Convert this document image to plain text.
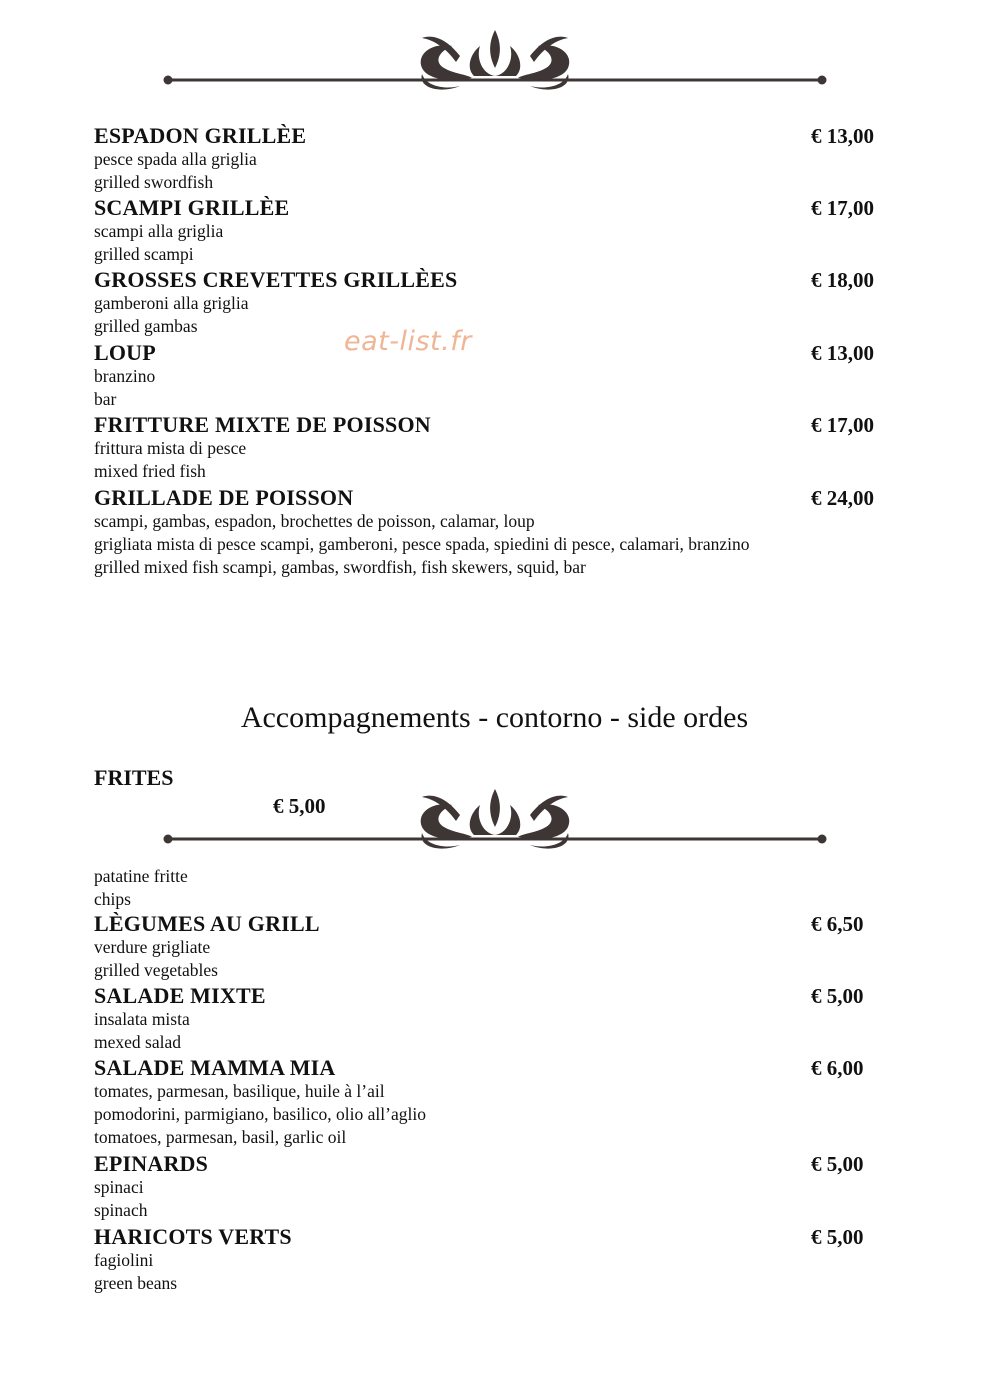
ESPADON GRILLÈE	€ 13,00
pesce spada alla griglia
grilled swordfish
SCAMPI GRILLÈE	€ 17,00
scampi alla griglia
grilled scampi
GROSSES CREVETTES GRILLÈES	€ 18,00
gamberoni alla griglia
grilled gambas
LOUP	€ 13,00
branzino
bar
FRITTURE MIXTE DE POISSON	€ 17,00
frittura mista di pesce
mixed fried fish
GRILLADE DE POISSON	€ 24,00
scampi, gambas, espadon, brochettes de poisson, calamar, loup
grigliata mista di pesce scampi, gamberoni, pesce spada, spiedini di pesce, calamari, branzino
grilled mixed fish scampi, gambas, swordfish, fish skewers, squid, bar
eat-list.fr
Accompagnements - contorno - side ordes
FRITES
€ 5,00
patatine fritte
chips
LÈGUMES AU GRILL	€ 6,50
verdure grigliate
grilled vegetables
SALADE MIXTE	€ 5,00
insalata mista
mexed salad
SALADE MAMMA MIA	€ 6,00
tomates, parmesan, basilique, huile à l’ail
pomodorini, parmigiano, basilico, olio all’aglio
tomatoes, parmesan, basil, garlic oil
EPINARDS	€ 5,00
spinaci
spinach
HARICOTS VERTS	€ 5,00
fagiolini
green beans
